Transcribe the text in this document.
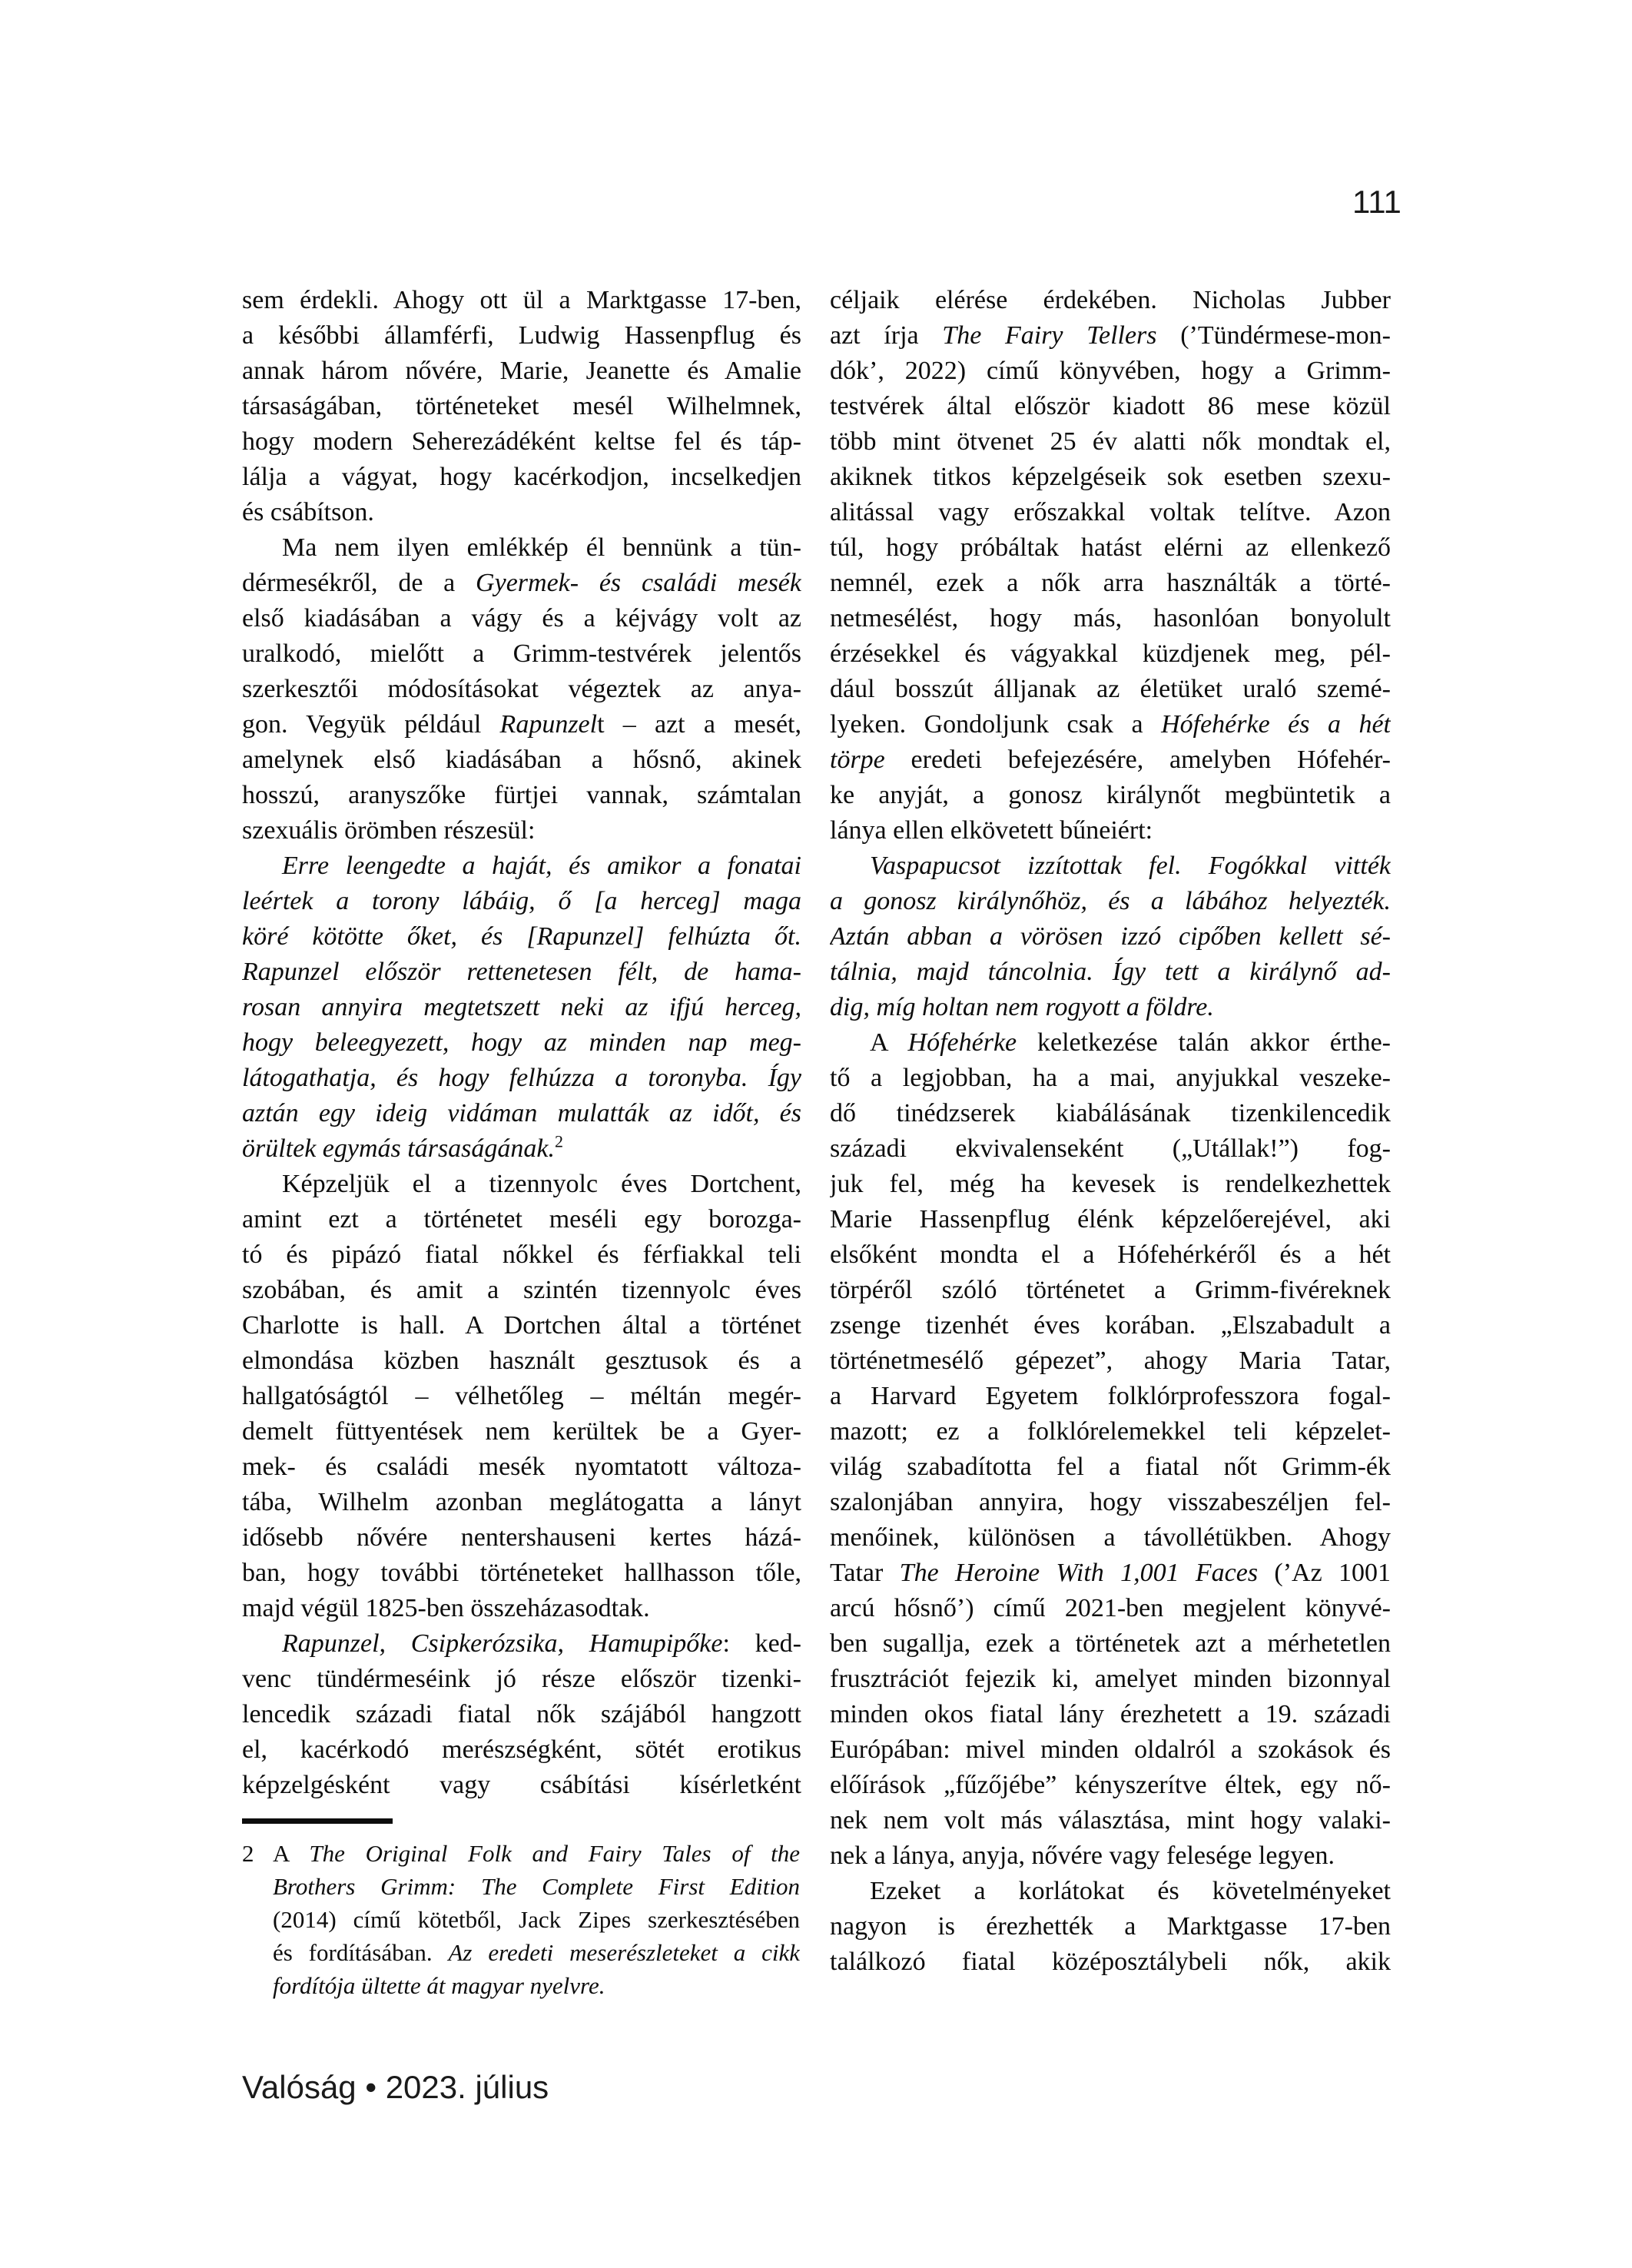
111
sem érdekli. Ahogy ott ül a Marktgasse 17-ben,
a későbbi államférfi, Ludwig Hassenpflug és
annak három nővére, Marie, Jeanette és Amalie
társaságában, történeteket mesél Wilhelmnek,
hogy modern Seherezádéként keltse fel és táp-
lálja a vágyat, hogy kacérkodjon, incselkedjen
és csábítson.
Ma nem ilyen emlékkép él bennünk a tün-
dérmesékről, de a Gyermek- és családi mesék
első kiadásában a vágy és a kéjvágy volt az
uralkodó, mielőtt a Grimm-testvérek jelentős
szerkesztői módosításokat végeztek az anya-
gon. Vegyük például Rapunzelt – azt a mesét,
amelynek első kiadásában a hősnő, akinek
hosszú, aranyszőke fürtjei vannak, számtalan
szexuális örömben részesül:
Erre leengedte a haját, és amikor a fonatai
leértek a torony lábáig, ő [a herceg] maga
köré kötötte őket, és [Rapunzel] felhúzta őt.
Rapunzel először rettenetesen félt, de hama-
rosan annyira megtetszett neki az ifjú herceg,
hogy beleegyezett, hogy az minden nap meg-
látogathatja, és hogy felhúzza a toronyba. Így
aztán egy ideig vidáman mulatták az időt, és
örültek egymás társaságának.$^2$
Képzeljük el a tizennyolc éves Dortchent,
amint ezt a történetet meséli egy borozga-
tó és pipázó fiatal nőkkel és férfiakkal teli
szobában, és amit a szintén tizennyolc éves
Charlotte is hall. A Dortchen által a történet
elmondása közben használt gesztusok és a
hallgatóságtól – vélhetőleg – méltán megér-
demelt füttyentések nem kerültek be a Gyer-
mek- és családi mesék nyomtatott változa-
tába, Wilhelm azonban meglátogatta a lányt
idősebb nővére nentershauseni kertes házá-
ban, hogy további történeteket hallhasson tőle,
majd végül 1825-ben összeházasodtak.
Rapunzel, Csipkerózsika, Hamupipőke: ked-
venc tündérmeséink jó része először tizenki-
lencedik századi fiatal nők szájából hangzott
el, kacérkodó merészségként, sötét erotikus
képzelgésként vagy csábítási kísérletként
céljaik elérése érdekében. Nicholas Jubber
azt írja The Fairy Tellers (’Tündérmese-mon-
dók’, 2022) című könyvében, hogy a Grimm-
testvérek által először kiadott 86 mese közül
több mint ötvenet 25 év alatti nők mondtak el,
akiknek titkos képzelgéseik sok esetben szexu-
alitással vagy erőszakkal voltak telítve. Azon
túl, hogy próbáltak hatást elérni az ellenkező
nemnél, ezek a nők arra használták a törté-
netmesélést, hogy más, hasonlóan bonyolult
érzésekkel és vágyakkal küzdjenek meg, pél-
dául bosszút álljanak az életüket uraló szemé-
lyeken. Gondoljunk csak a Hófehérke és a hét
törpe eredeti befejezésére, amelyben Hófehér-
ke anyját, a gonosz királynőt megbüntetik a
lánya ellen elkövetett bűneiért:
Vaspapucsot izzítottak fel. Fogókkal vitték
a gonosz királynőhöz, és a lábához helyezték.
Aztán abban a vörösen izzó cipőben kellett sé-
tálnia, majd táncolnia. Így tett a királynő ad-
dig, míg holtan nem rogyott a földre.
A Hófehérke keletkezése talán akkor érthe-
tő a legjobban, ha a mai, anyjukkal veszeke-
dő tinédzserek kiabálásának tizenkilencedik
századi ekvivalenseként („Utállak!”) fog-
juk fel, még ha kevesek is rendelkezhettek
Marie Hassenpflug élénk képzelőerejével, aki
elsőként mondta el a Hófehérkéről és a hét
törpéről szóló történetet a Grimm-fivéreknek
zsenge tizenhét éves korában. „Elszabadult a
történetmesélő gépezet”, ahogy Maria Tatar,
a Harvard Egyetem folklórprofesszora fogal-
mazott; ez a folklórelemekkel teli képzelet-
világ szabadította fel a fiatal nőt Grimm-ék
szalonjában annyira, hogy visszabeszéljen fel-
menőinek, különösen a távollétükben. Ahogy
Tatar The Heroine With 1,001 Faces (’Az 1001
arcú hősnő’) című 2021-ben megjelent könyvé-
ben sugallja, ezek a történetek azt a mérhetetlen
frusztrációt fejezik ki, amelyet minden bizonnyal
minden okos fiatal lány érezhetett a 19. századi
Európában: mivel minden oldalról a szokások és
előírások „fűzőjébe” kényszerítve éltek, egy nő-
nek nem volt más választása, mint hogy valaki-
nek a lánya, anyja, nővére vagy felesége legyen.
Ezeket a korlátokat és követelményeket
nagyon is érezhették a Marktgasse 17-ben
találkozó fiatal középosztálybeli nők, akik
2 A The Original Folk and Fairy Tales of the
Brothers Grimm: The Complete First Edition
(2014) című kötetből, Jack Zipes szerkesztésében
és fordításában. Az eredeti meserészleteket a cikk
fordítója ültette át magyar nyelvre.
Valóság • 2023. július
